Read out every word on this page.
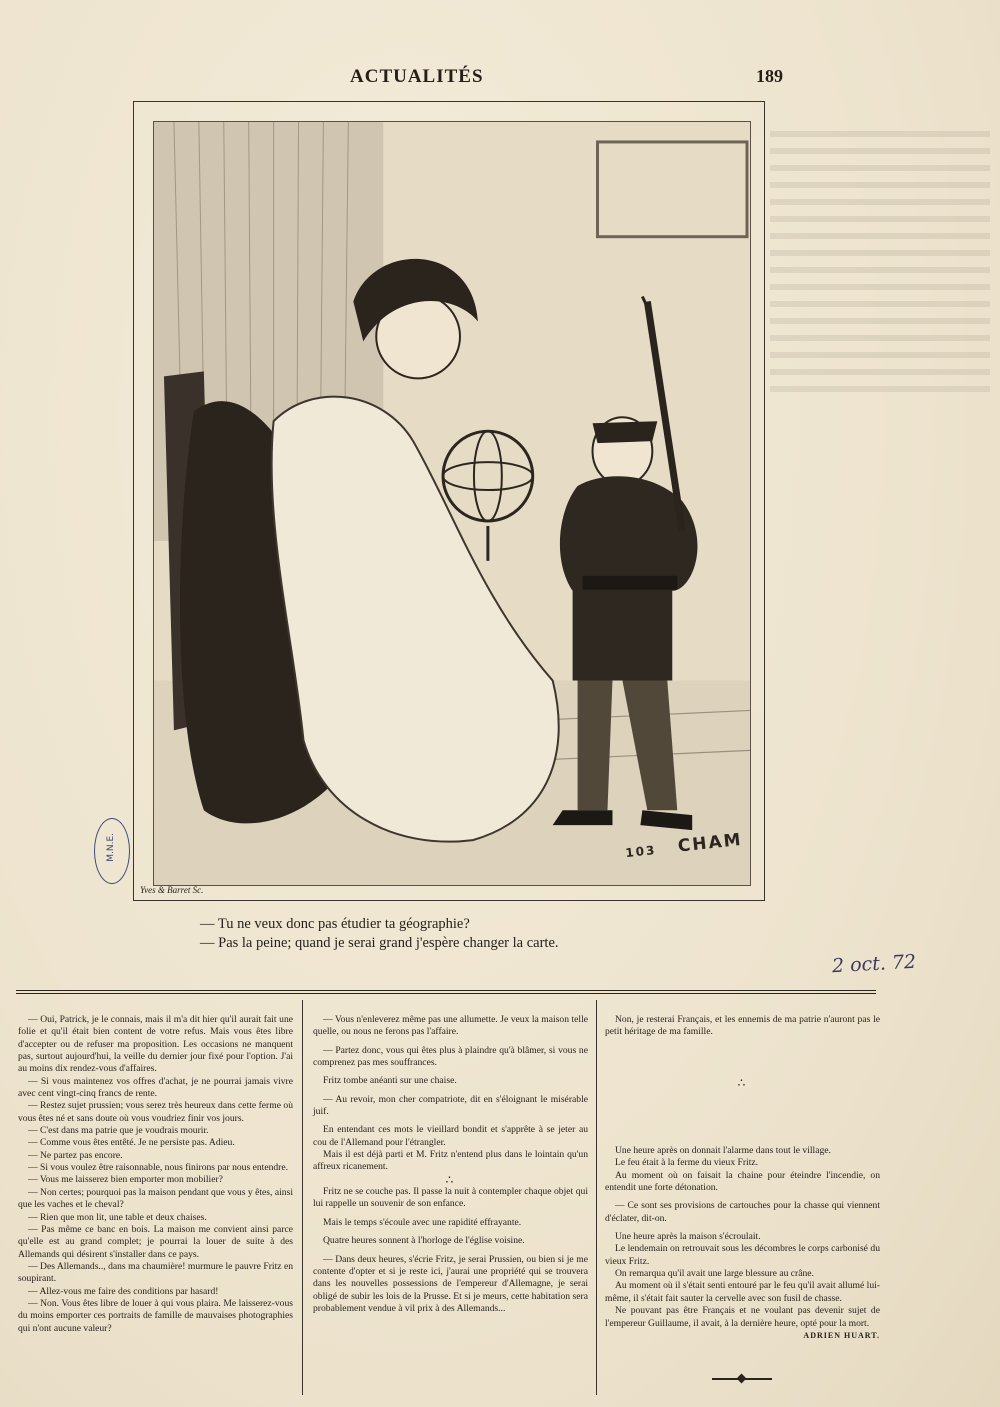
ACTUALITÉS	189
103 CHAM
Yves & Barret Sc.
M.N.E.
— Tu ne veux donc pas étudier ta géographie?
— Pas la peine; quand je serai grand j'espère changer la carte.
2 oct. 72

— Oui, Patrick, je le connais, mais il m'a dit hier qu'il aurait fait une folie et qu'il était bien content de votre refus. Mais vous êtes libre d'accepter ou de refuser ma proposition. Les occasions ne manquent pas, surtout aujourd'hui, la veille du dernier jour fixé pour l'option. J'ai au moins dix rendez-vous d'affaires.

— Si vous maintenez vos offres d'achat, je ne pourrai jamais vivre avec cent vingt-cinq francs de rente.

— Restez sujet prussien; vous serez très heureux dans cette ferme où vous êtes né et sans doute où vous voudriez finir vos jours.

— C'est dans ma patrie que je voudrais mourir.

— Comme vous êtes entêté. Je ne persiste pas. Adieu.

— Ne partez pas encore.

— Si vous voulez être raisonnable, nous finirons par nous entendre.

— Vous me laisserez bien emporter mon mobilier?

— Non certes; pourquoi pas la maison pendant que vous y êtes, ainsi que les vaches et le cheval?

— Rien que mon lit, une table et deux chaises.

— Pas même ce banc en bois. La maison me convient ainsi parce qu'elle est au grand complet; je pourrai la louer de suite à des Allemands qui désirent s'installer dans ce pays.

— Des Allemands.., dans ma chaumière! murmure le pauvre Fritz en soupirant.

— Allez-vous me faire des conditions par hasard!

— Non. Vous êtes libre de louer à qui vous plaira. Me laisserez-vous du moins emporter ces portraits de famille de mauvaises photographies qui n'ont aucune valeur?

— Vous n'enleverez même pas une allumette. Je veux la maison telle quelle, ou nous ne ferons pas l'affaire.

— Partez donc, vous qui êtes plus à plaindre qu'à blâmer, si vous ne comprenez pas mes souffrances.

Fritz tombe anéanti sur une chaise.

— Au revoir, mon cher compatriote, dit en s'éloignant le misérable juif.

En entendant ces mots le vieillard bondit et s'apprête à se jeter au cou de l'Allemand pour l'étrangler.

Mais il est déjà parti et M. Fritz n'entend plus dans le lointain qu'un affreux ricanement.

∴

Fritz ne se couche pas. Il passe la nuit à contempler chaque objet qui lui rappelle un souvenir de son enfance.

Mais le temps s'écoule avec une rapidité effrayante.

Quatre heures sonnent à l'horloge de l'église voisine.

— Dans deux heures, s'écrie Fritz, je serai Prussien, ou bien si je me contente d'opter et si je reste ici, j'aurai une propriété qui se trouvera dans les nouvelles possessions de l'empereur d'Allemagne, je serai obligé de subir les lois de la Prusse. Et si je meurs, cette habitation sera probablement vendue à vil prix à des Allemands...

Non, je resterai Français, et les ennemis de ma patrie n'auront pas le petit héritage de ma famille.

∴

Une heure après on donnait l'alarme dans tout le village.

Le feu était à la ferme du vieux Fritz.

Au moment où on faisait la chaine pour éteindre l'incendie, on entendit une forte détonation.

— Ce sont ses provisions de cartouches pour la chasse qui viennent d'éclater, dit-on.

Une heure après la maison s'écroulait.

Le lendemain on retrouvait sous les décombres le corps carbonisé du vieux Fritz.

On remarqua qu'il avait une large blessure au crâne.

Au moment où il s'était senti entouré par le feu qu'il avait allumé lui-même, il s'était fait sauter la cervelle avec son fusil de chasse.

Ne pouvant pas être Français et ne voulant pas devenir sujet de l'empereur Guillaume, il avait, à la dernière heure, opté pour la mort.

ADRIEN HUART.
